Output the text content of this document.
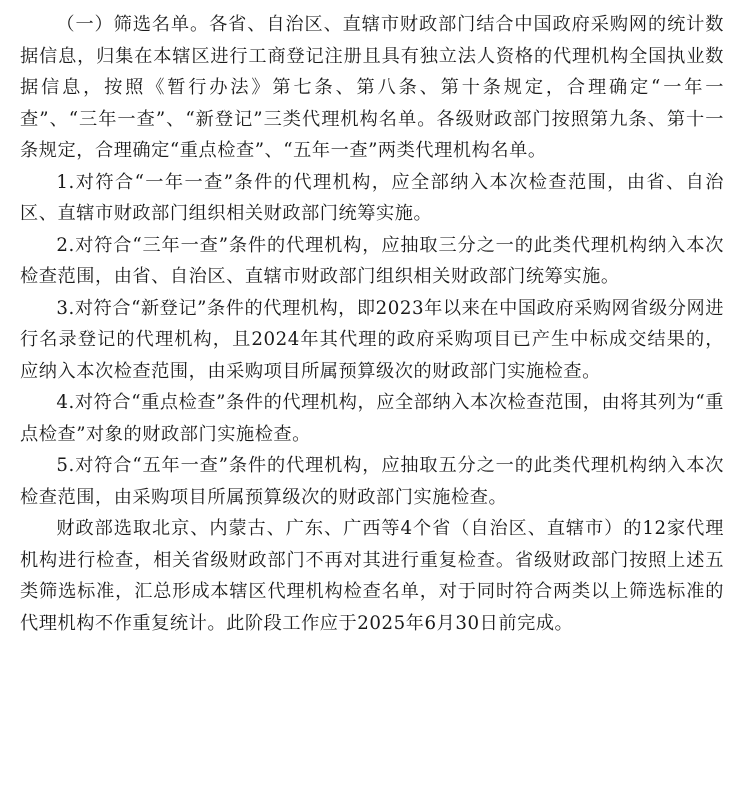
（一）筛选名单。各省、自治区、直辖市财政部门结合中国政府采购网的统计数据信息，归集在本辖区进行工商登记注册且具有独立法人资格的代理机构全国执业数据信息，按照《暂行办法》第七条、第八条、第十条规定，合理确定“一年一查”、“三年一查”、“新登记”三类代理机构名单。各级财政部门按照第九条、第十一条规定，合理确定“重点检查”、“五年一查”两类代理机构名单。

1.对符合“一年一查”条件的代理机构，应全部纳入本次检查范围，由省、自治区、直辖市财政部门组织相关财政部门统筹实施。

2.对符合“三年一查”条件的代理机构，应抽取三分之一的此类代理机构纳入本次检查范围，由省、自治区、直辖市财政部门组织相关财政部门统筹实施。

3.对符合“新登记”条件的代理机构，即2023年以来在中国政府采购网省级分网进行名录登记的代理机构，且2024年其代理的政府采购项目已产生中标成交结果的，应纳入本次检查范围，由采购项目所属预算级次的财政部门实施检查。

4.对符合“重点检查”条件的代理机构，应全部纳入本次检查范围，由将其列为“重点检查”对象的财政部门实施检查。

5.对符合“五年一查”条件的代理机构，应抽取五分之一的此类代理机构纳入本次检查范围，由采购项目所属预算级次的财政部门实施检查。

财政部选取北京、内蒙古、广东、广西等4个省（自治区、直辖市）的12家代理机构进行检查，相关省级财政部门不再对其进行重复检查。省级财政部门按照上述五类筛选标准，汇总形成本辖区代理机构检查名单，对于同时符合两类以上筛选标准的代理机构不作重复统计。此阶段工作应于2025年6月30日前完成。
